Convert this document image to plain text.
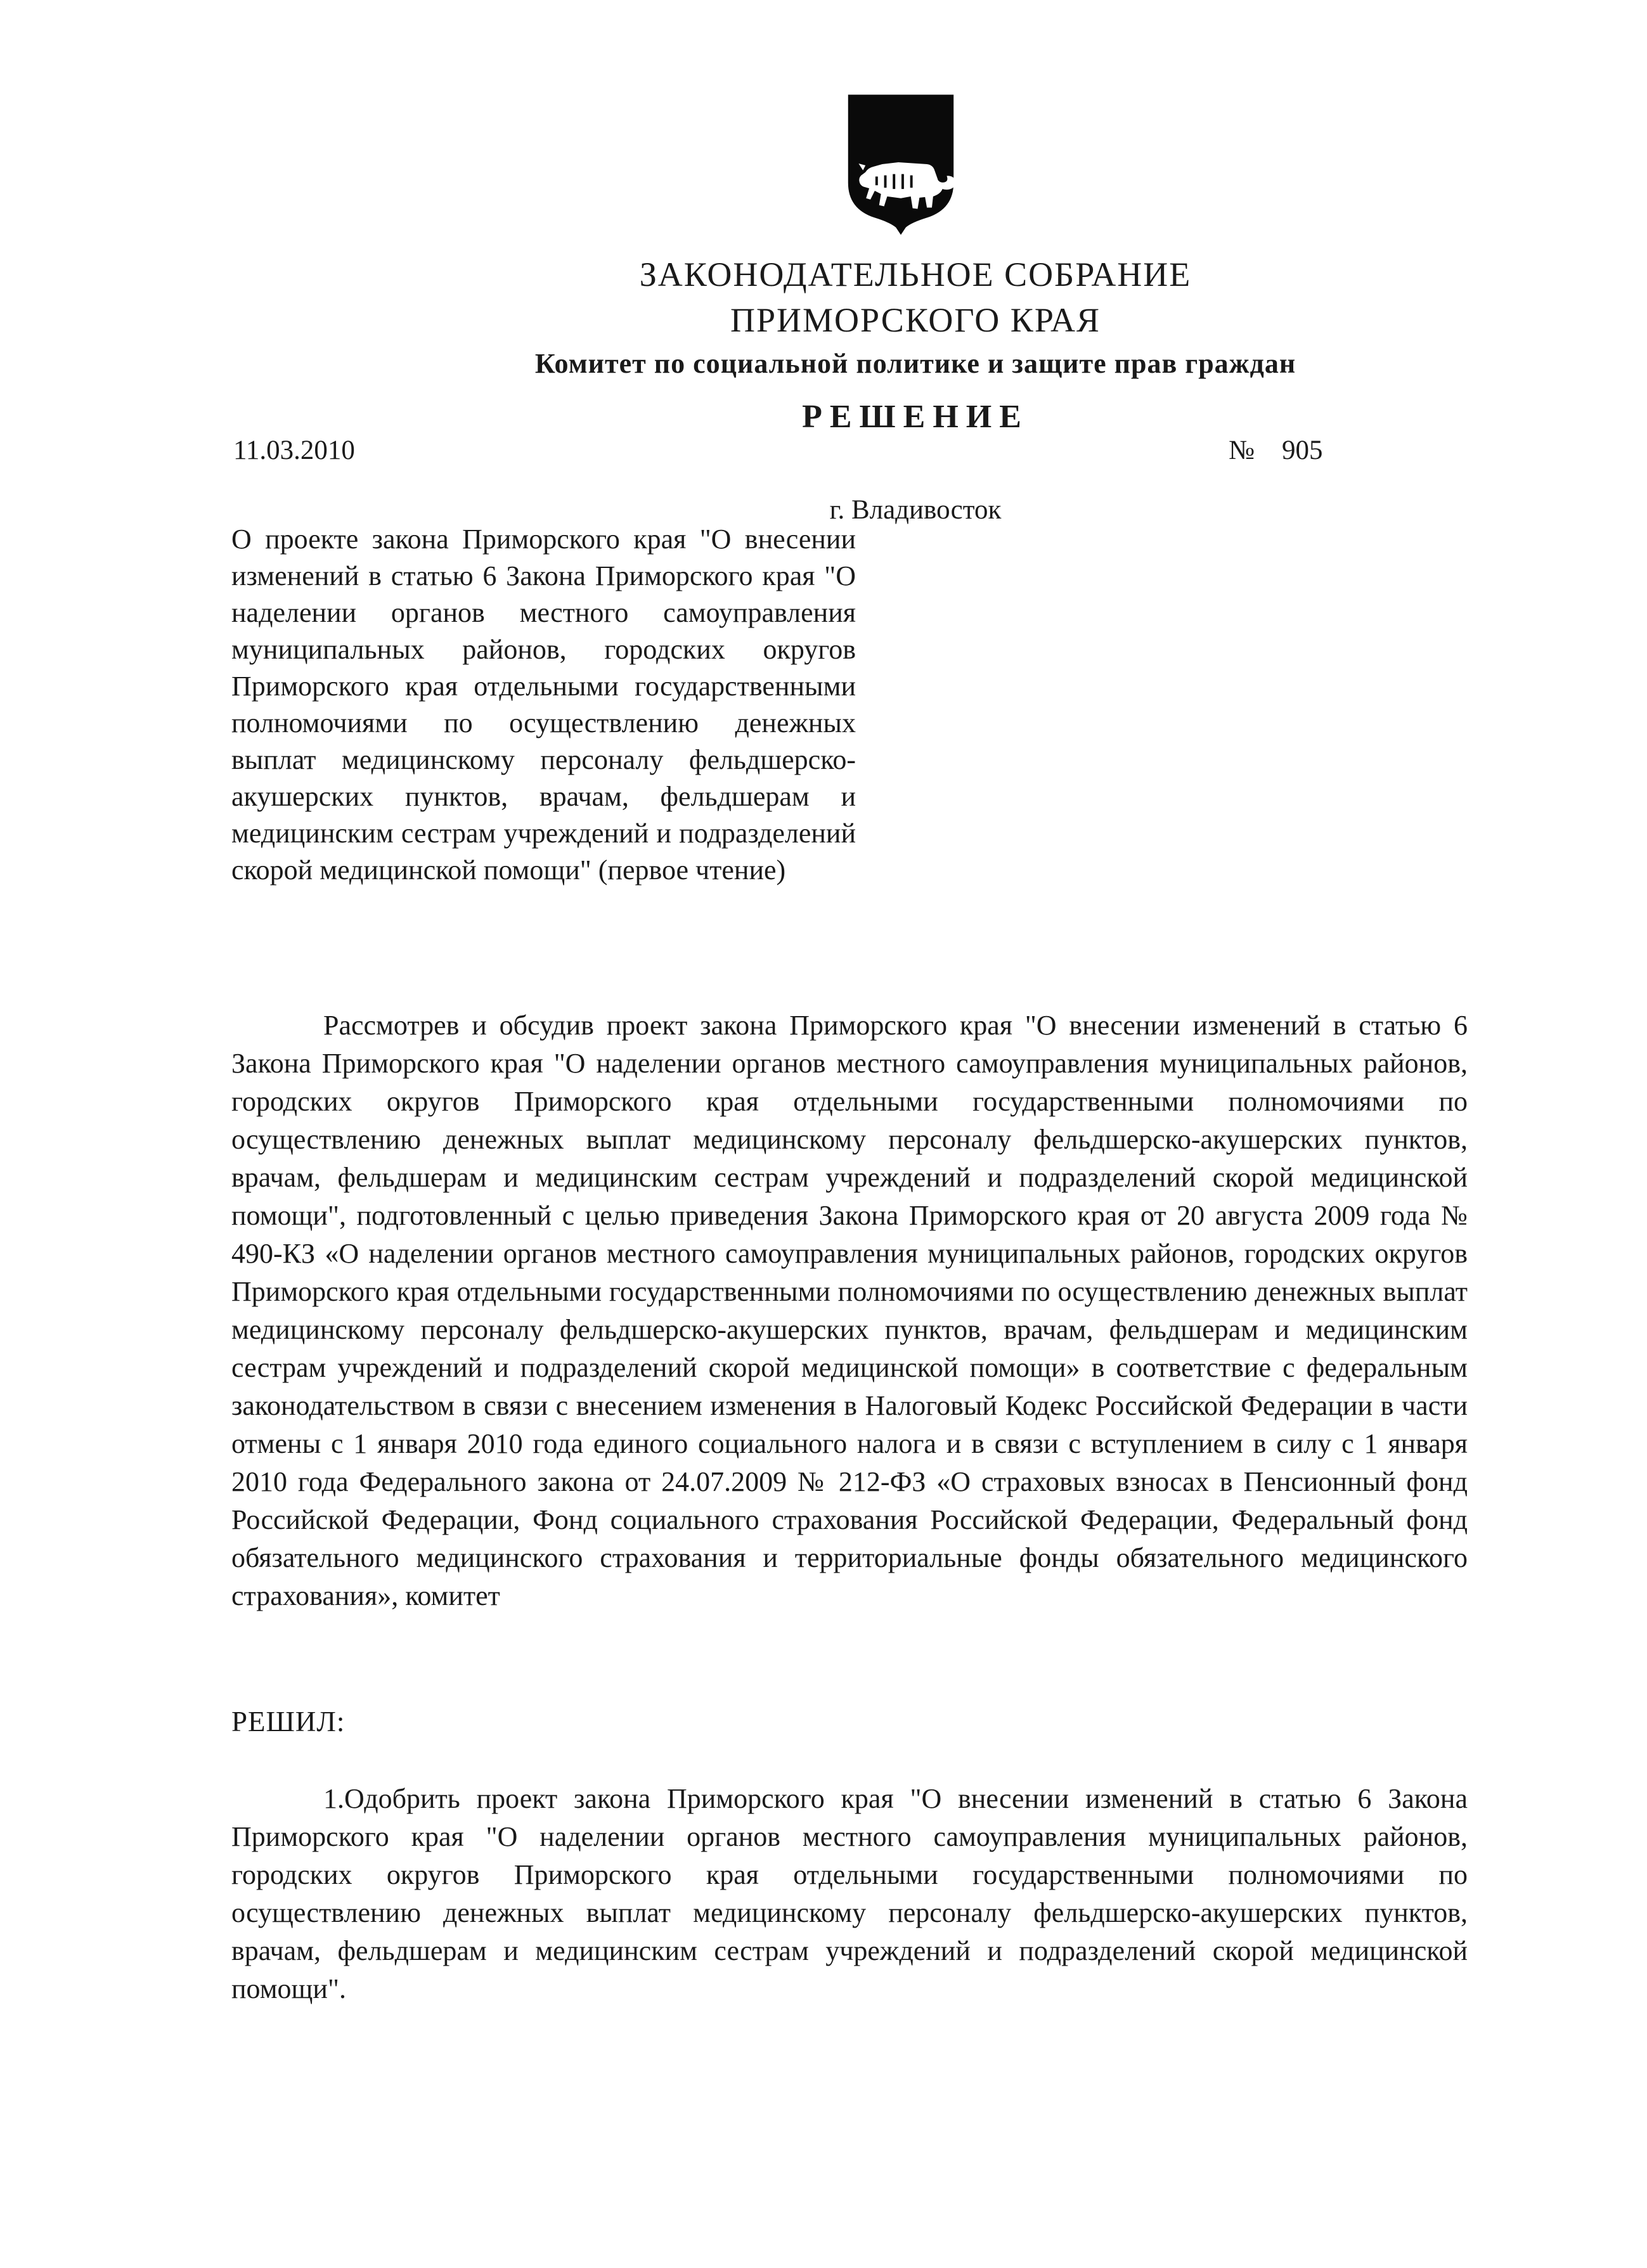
ЗАКОНОДАТЕЛЬНОЕ СОБРАНИЕ
ПРИМОРСКОГО КРАЯ
Комитет по социальной политике и защите прав граждан
РЕШЕНИЕ
г. Владивосток
11.03.2010	№    905
О проекте закона Приморского края "О внесении изменений в статью 6 Закона Приморского края "О наделении органов местного самоуправления муниципальных районов, городских округов Приморского края отдельными государственными полномочиями по осуществлению денежных выплат медицинскому персоналу фельдшерско-акушерских пунктов, врачам, фельдшерам и медицинским сестрам учреждений и подразделений скорой медицинской помощи" (первое чтение)
Рассмотрев и обсудив проект закона Приморского края "О внесении изменений в статью 6 Закона Приморского края "О наделении органов местного самоуправления муниципальных районов, городских округов Приморского края отдельными государственными полномочиями по осуществлению денежных выплат медицинскому персоналу фельдшерско-акушерских пунктов, врачам, фельдшерам и медицинским сестрам учреждений и подразделений скорой медицинской помощи", подготовленный с целью приведения Закона Приморского края от 20 августа 2009 года № 490-КЗ «О наделении органов местного самоуправления муниципальных районов, городских округов Приморского края отдельными государственными полномочиями по осуществлению денежных выплат медицинскому персоналу фельдшерско-акушерских пунктов, врачам, фельдшерам и медицинским сестрам учреждений и подразделений скорой медицинской помощи» в соответствие с федеральным законодательством в связи с внесением изменения в Налоговый Кодекс Российской Федерации в части отмены с 1 января 2010 года единого социального налога и в связи с вступлением в силу с 1 января 2010 года Федерального закона от 24.07.2009 № 212-ФЗ «О страховых взносах в Пенсионный фонд Российской Федерации, Фонд социального страхования Российской Федерации, Федеральный фонд обязательного медицинского страхования и территориальные фонды обязательного медицинского страхования», комитет
РЕШИЛ:
1.Одобрить проект закона Приморского края "О внесении изменений в статью 6 Закона Приморского края "О наделении органов местного самоуправления муниципальных районов, городских округов Приморского края отдельными государственными полномочиями по осуществлению денежных выплат медицинскому персоналу фельдшерско-акушерских пунктов, врачам, фельдшерам и медицинским сестрам учреждений и подразделений скорой медицинской помощи".
